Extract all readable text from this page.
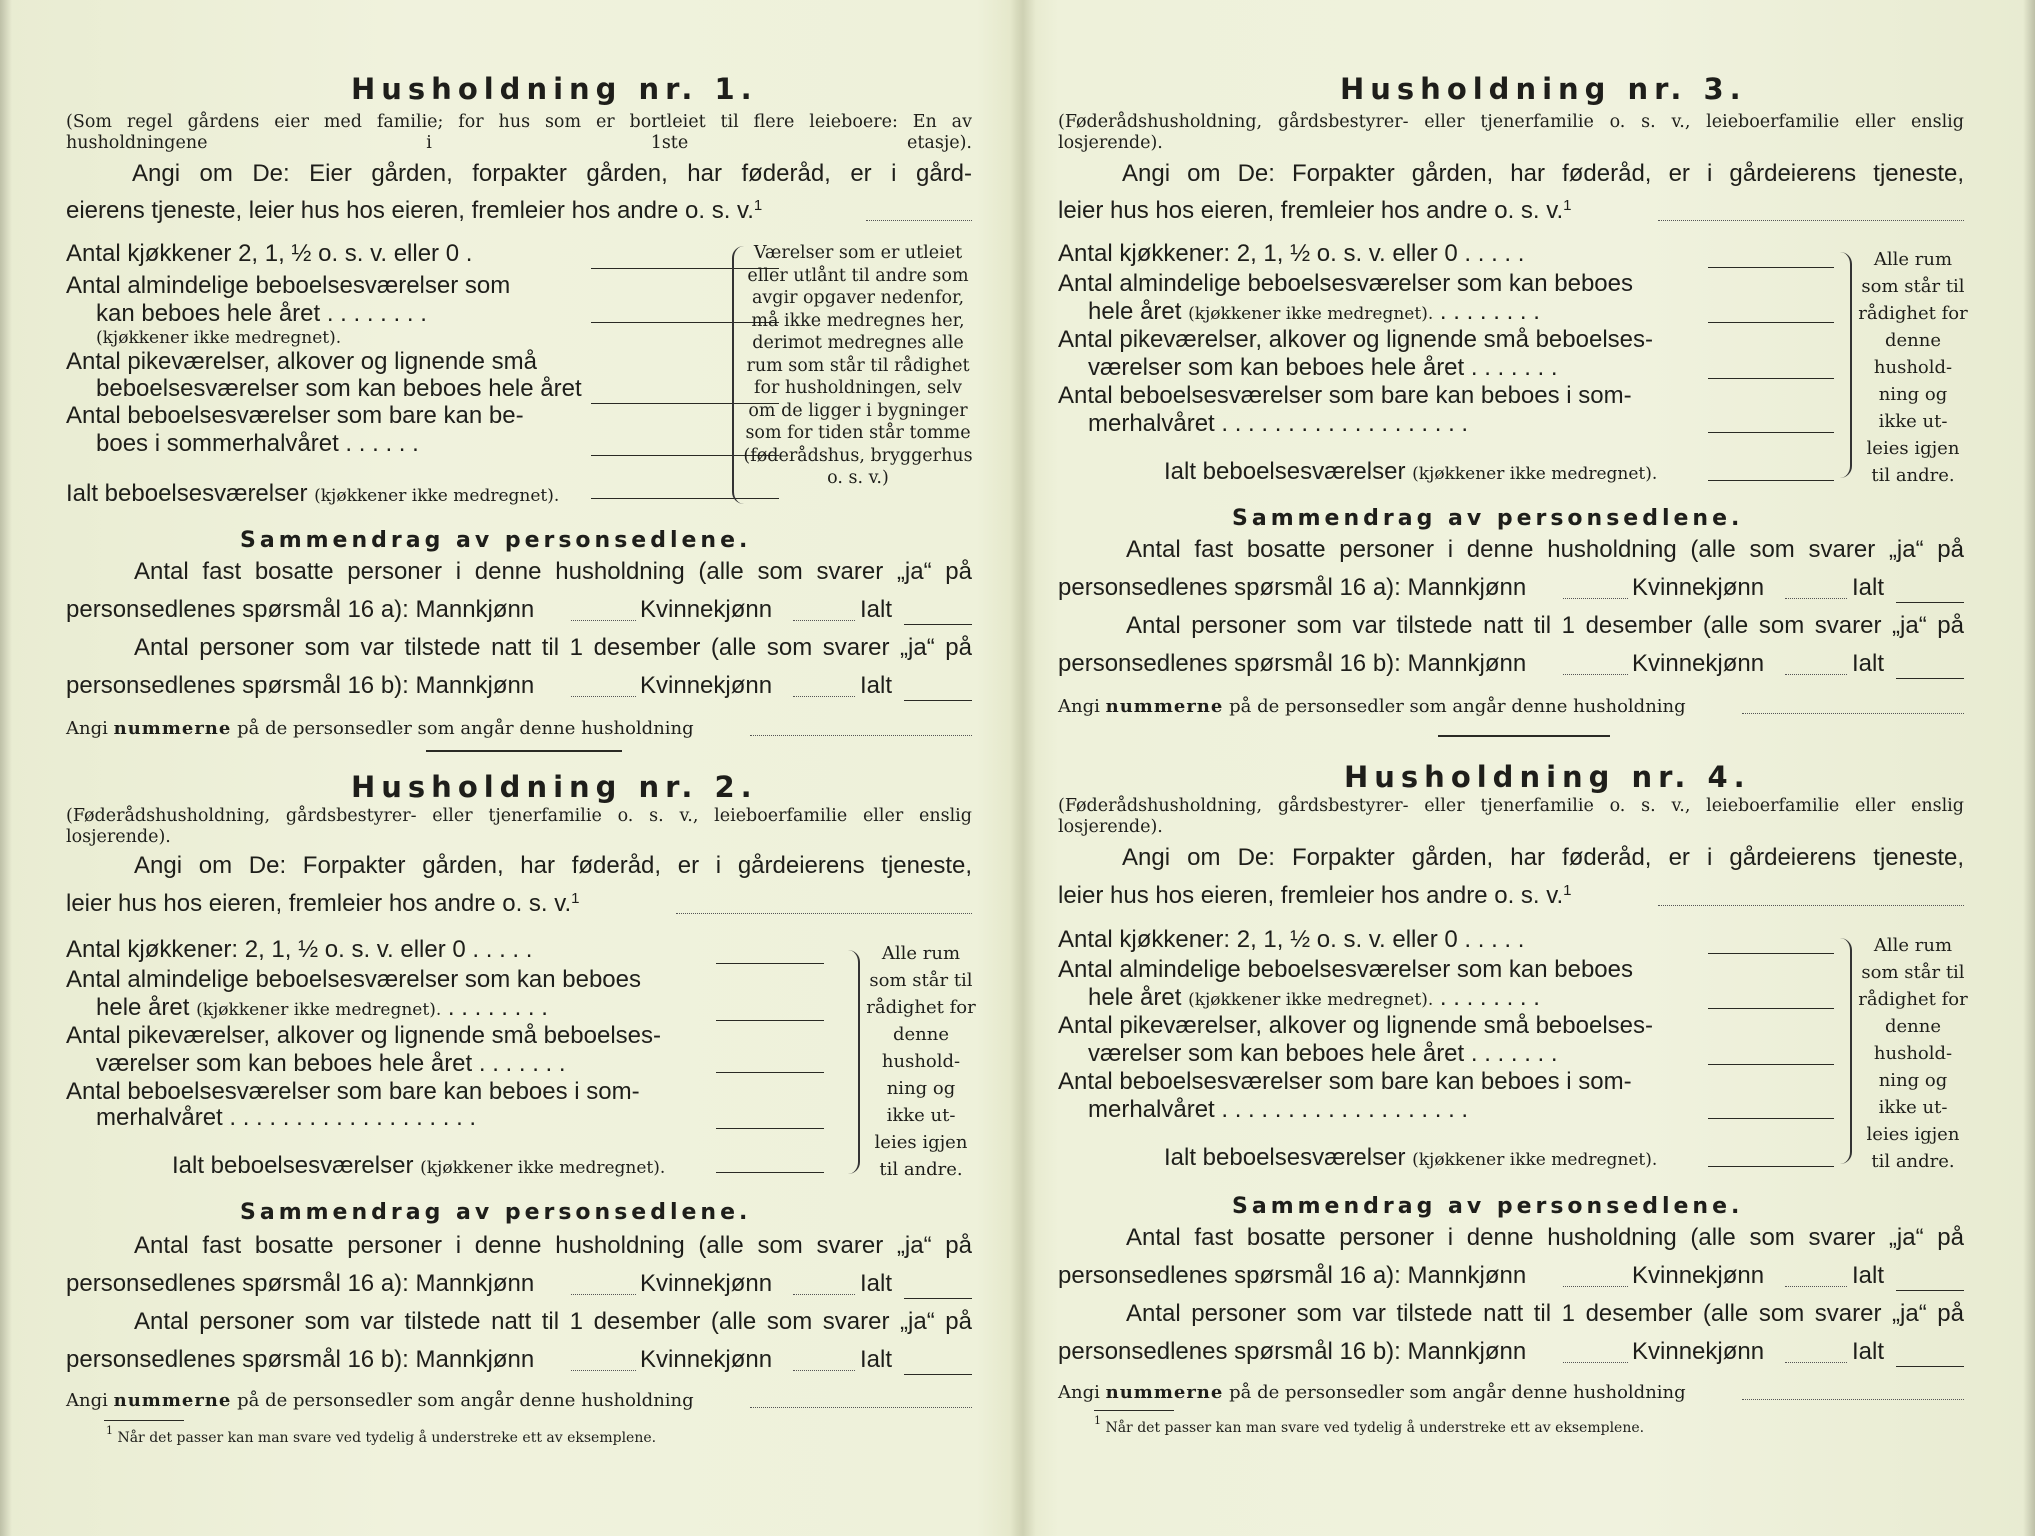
Husholdning nr. 1.
(Som regel gårdens eier med familie; for hus som er bortleiet til flere leieboere: En av husholdningene i 1ste etasje).
Angi om De: Eier gården, forpakter gården, har føderåd, er i gård-
eierens tjeneste, leier hus hos eieren, fremleier hos andre o. s. v.$^1$
Antal kjøkkener 2, 1, ½ o. s. v. eller 0 .
Antal almindelige beboelsesværelser som
kan beboes hele året . . . . . . . .
(kjøkkener ikke medregnet).
Antal pikeværelser, alkover og lignende små
beboelsesværelser som kan beboes hele året
Antal beboelsesværelser som bare kan be-
boes i sommerhalvåret . . . . . .
Ialt beboelsesværelser (kjøkkener ikke medregnet).
Værelser som er utleiet eller utlånt til andre som avgir opgaver nedenfor, må ikke medregnes her, derimot medregnes alle rum som står til rådighet for husholdningen, selv om de ligger i bygninger som for tiden står tomme (føderådshus, bryggerhus o. s. v.)
Sammendrag av personsedlene.
Antal fast bosatte personer i denne husholdning (alle som svarer „ja“ på
personsedlenes spørsmål 16 a): Mannkjønn	Kvinnekjønn	Ialt
Antal personer som var tilstede natt til 1 desember (alle som svarer „ja“ på
personsedlenes spørsmål 16 b): Mannkjønn	Kvinnekjønn	Ialt
Angi nummerne på de personsedler som angår denne husholdning
Husholdning nr. 2.
(Føderådshusholdning, gårdsbestyrer- eller tjenerfamilie o. s. v., leieboerfamilie eller enslig losjerende).
Angi om De: Forpakter gården, har føderåd, er i gårdeierens tjeneste,
leier hus hos eieren, fremleier hos andre o. s. v.$^1$
Antal kjøkkener: 2, 1, ½ o. s. v. eller 0 . . . . .
Antal almindelige beboelsesværelser som kan beboes
hele året (kjøkkener ikke medregnet). . . . . . . . .
Antal pikeværelser, alkover og lignende små beboelses-
værelser som kan beboes hele året . . . . . . .
Antal beboelsesværelser som bare kan beboes i som-
merhalvåret . . . . . . . . . . . . . . . . . . .
Ialt beboelsesværelser (kjøkkener ikke medregnet).
Alle rum som står til rådighet for denne hushold-ning og ikke ut-leies igjen til andre.
Sammendrag av personsedlene.
Antal fast bosatte personer i denne husholdning (alle som svarer „ja“ på
personsedlenes spørsmål 16 a): Mannkjønn	Kvinnekjønn	Ialt
Antal personer som var tilstede natt til 1 desember (alle som svarer „ja“ på
personsedlenes spørsmål 16 b): Mannkjønn	Kvinnekjønn	Ialt
Angi nummerne på de personsedler som angår denne husholdning
$^1$ Når det passer kan man svare ved tydelig å understreke ett av eksemplene.
Husholdning nr. 3.
(Føderådshusholdning, gårdsbestyrer- eller tjenerfamilie o. s. v., leieboerfamilie eller enslig losjerende).
Angi om De: Forpakter gården, har føderåd, er i gårdeierens tjeneste,
leier hus hos eieren, fremleier hos andre o. s. v.$^1$
Antal kjøkkener: 2, 1, ½ o. s. v. eller 0 . . . . .
Antal almindelige beboelsesværelser som kan beboes
hele året (kjøkkener ikke medregnet). . . . . . . . .
Antal pikeværelser, alkover og lignende små beboelses-
værelser som kan beboes hele året . . . . . . .
Antal beboelsesværelser som bare kan beboes i som-
merhalvåret . . . . . . . . . . . . . . . . . . .
Ialt beboelsesværelser (kjøkkener ikke medregnet).
Alle rum som står til rådighet for denne hushold-ning og ikke ut-leies igjen til andre.
Sammendrag av personsedlene.
Antal fast bosatte personer i denne husholdning (alle som svarer „ja“ på
personsedlenes spørsmål 16 a): Mannkjønn	Kvinnekjønn	Ialt
Antal personer som var tilstede natt til 1 desember (alle som svarer „ja“ på
personsedlenes spørsmål 16 b): Mannkjønn	Kvinnekjønn	Ialt
Angi nummerne på de personsedler som angår denne husholdning
Husholdning nr. 4.
(Føderådshusholdning, gårdsbestyrer- eller tjenerfamilie o. s. v., leieboerfamilie eller enslig losjerende).
Angi om De: Forpakter gården, har føderåd, er i gårdeierens tjeneste,
leier hus hos eieren, fremleier hos andre o. s. v.$^1$
Antal kjøkkener: 2, 1, ½ o. s. v. eller 0 . . . . .
Antal almindelige beboelsesværelser som kan beboes
hele året (kjøkkener ikke medregnet). . . . . . . . .
Antal pikeværelser, alkover og lignende små beboelses-
værelser som kan beboes hele året . . . . . . .
Antal beboelsesværelser som bare kan beboes i som-
merhalvåret . . . . . . . . . . . . . . . . . . .
Ialt beboelsesværelser (kjøkkener ikke medregnet).
Alle rum som står til rådighet for denne hushold-ning og ikke ut-leies igjen til andre.
Sammendrag av personsedlene.
Antal fast bosatte personer i denne husholdning (alle som svarer „ja“ på
personsedlenes spørsmål 16 a): Mannkjønn	Kvinnekjønn	Ialt
Antal personer som var tilstede natt til 1 desember (alle som svarer „ja“ på
personsedlenes spørsmål 16 b): Mannkjønn	Kvinnekjønn	Ialt
Angi nummerne på de personsedler som angår denne husholdning
$^1$ Når det passer kan man svare ved tydelig å understreke ett av eksemplene.
